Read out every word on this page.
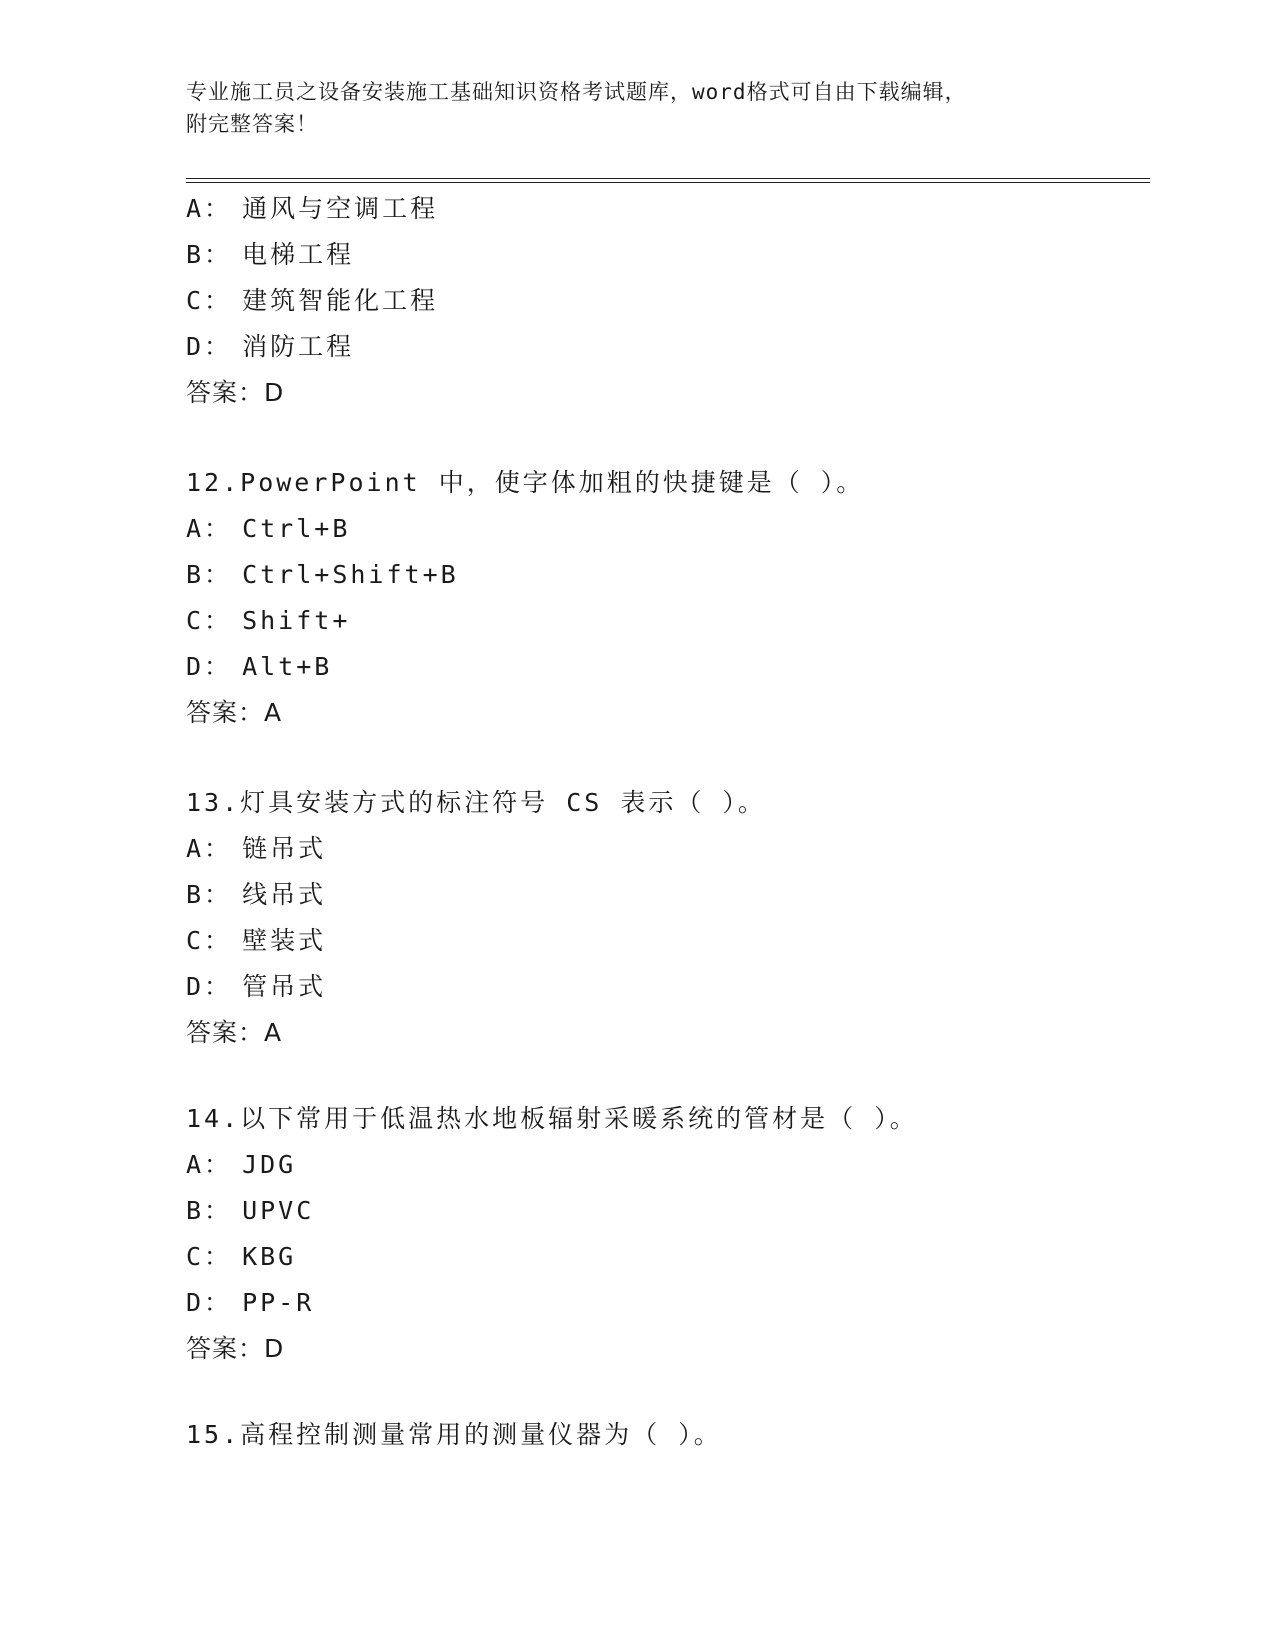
专业施工员之设备安装施工基础知识资格考试题库，word格式可自由下载编辑，
附完整答案！
A： 通风与空调工程
B： 电梯工程
C： 建筑智能化工程
D： 消防工程
答案：D
12.PowerPoint 中，使字体加粗的快捷键是（ ）。
A： Ctrl+B
B： Ctrl+Shift+B
C： Shift+
D： Alt+B
答案：A
13.灯具安装方式的标注符号 CS 表示（ ）。
A： 链吊式
B： 线吊式
C： 壁装式
D： 管吊式
答案：A
14.以下常用于低温热水地板辐射采暖系统的管材是（ ）。
A： JDG
B： UPVC
C： KBG
D： PP-R
答案：D
15.高程控制测量常用的测量仪器为（ ）。
